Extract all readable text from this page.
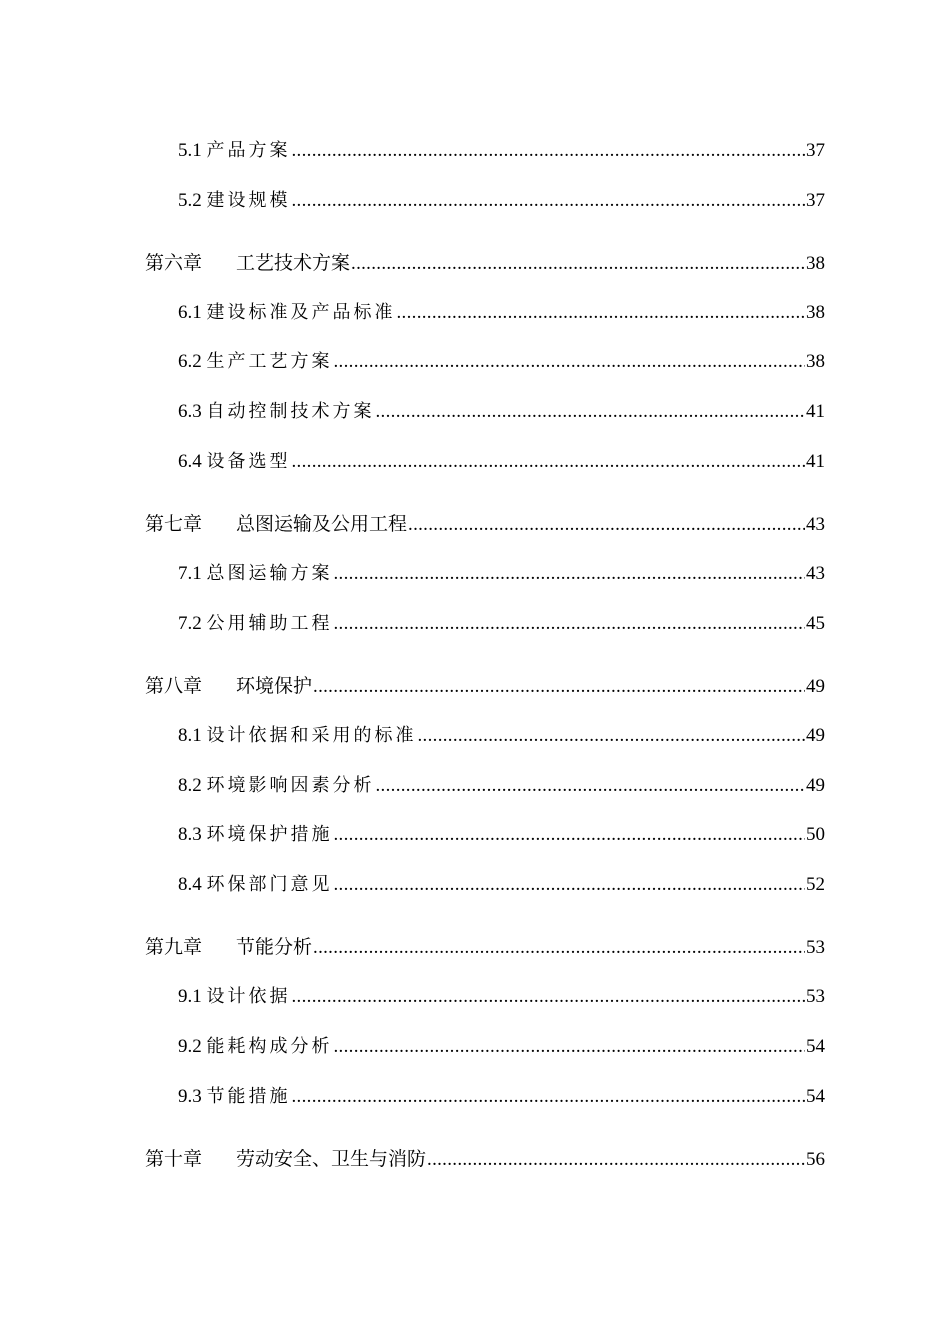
5.1 产品方案 .....	37
5.2 建设规模 .....	37
第六章 工艺技术方案 .....	38
6.1 建设标准及产品标准 .....	38
6.2 生产工艺方案 .....	38
6.3 自动控制技术方案 .....	41
6.4 设备选型 .....	41
第七章 总图运输及公用工程 .....	43
7.1 总图运输方案 .....	43
7.2 公用辅助工程 .....	45
第八章 环境保护 .....	49
8.1 设计依据和采用的标准 .....	49
8.2 环境影响因素分析 .....	49
8.3 环境保护措施 .....	50
8.4 环保部门意见 .....	52
第九章 节能分析 .....	53
9.1 设计依据 .....	53
9.2 能耗构成分析 .....	54
9.3 节能措施 .....	54
第十章 劳动安全、卫生与消防 .....	56
